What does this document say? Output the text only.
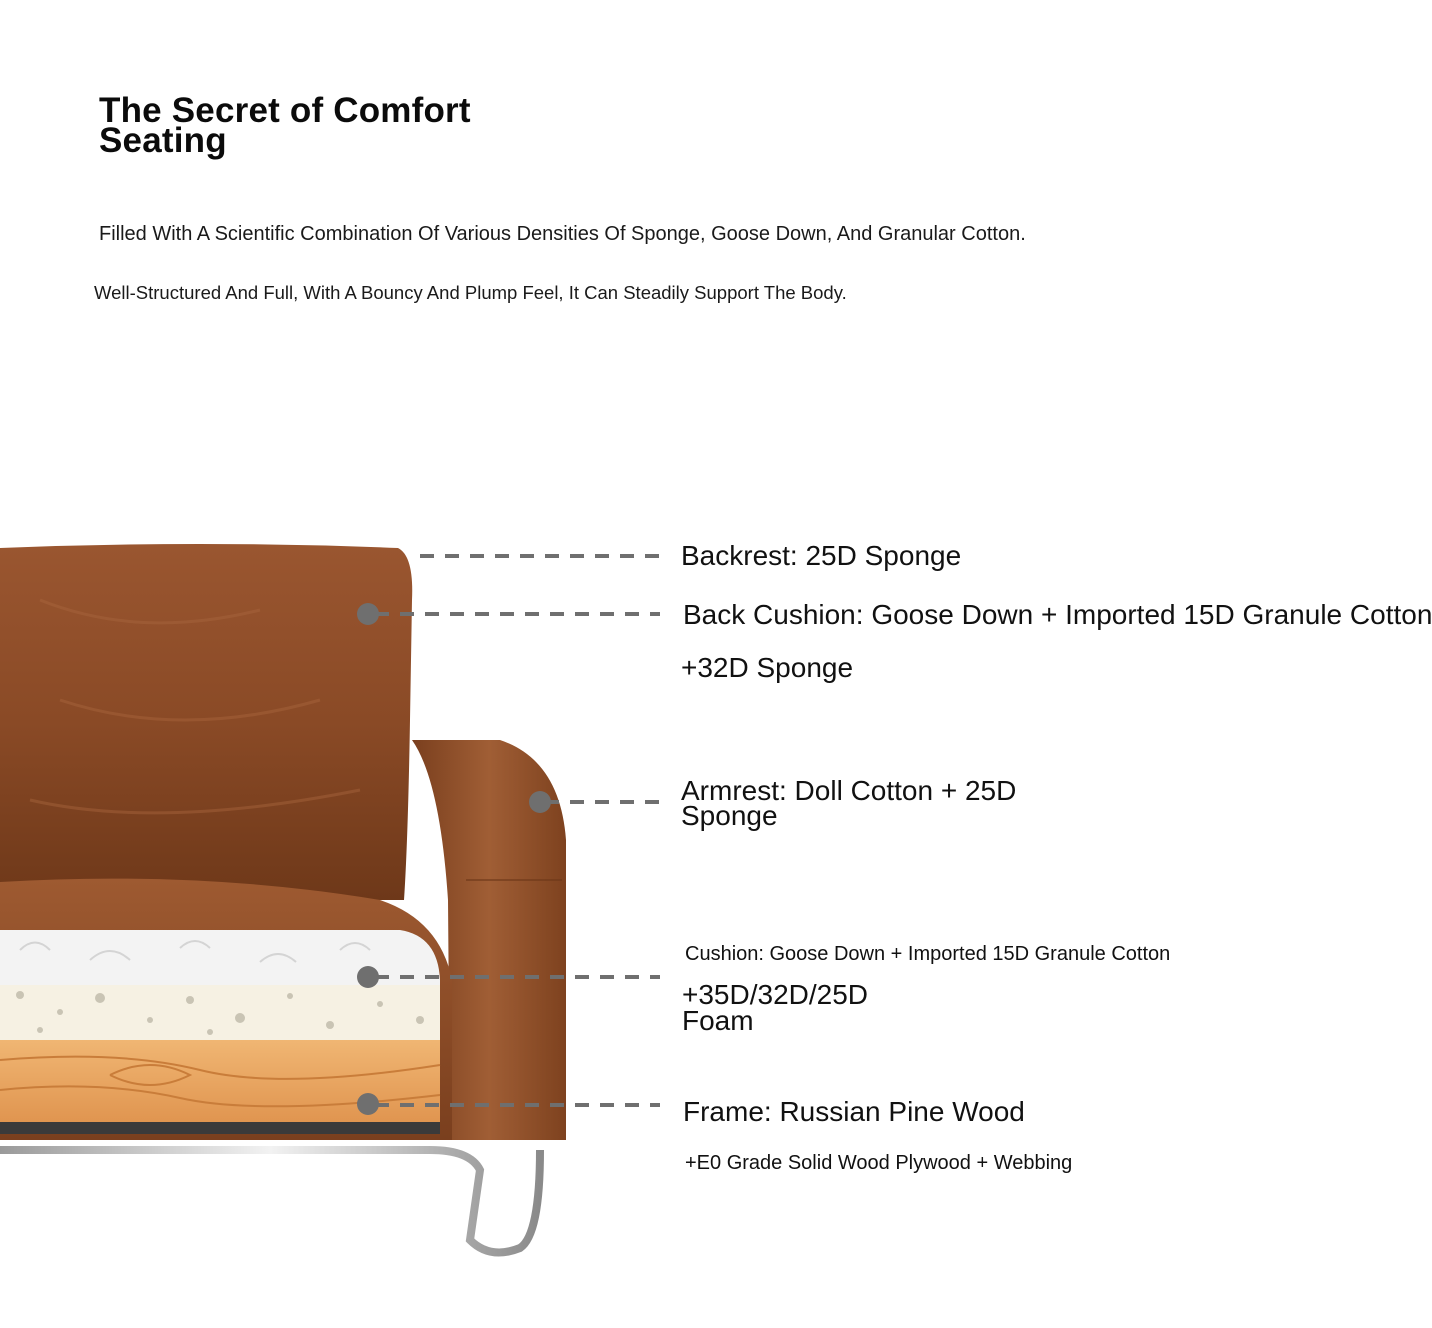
The Secret of Comfort
Seating

Filled With A Scientific Combination Of Various Densities Of Sponge, Goose Down, And Granular Cotton.

Well-Structured And Full, With A Bouncy And Plump Feel, It Can Steadily Support The Body.

Backrest: 25D Sponge

Back Cushion: Goose Down + Imported 15D Granule Cotton

+32D Sponge

Armrest: Doll Cotton + 25D
Sponge

Cushion: Goose Down + Imported 15D Granule Cotton

+35D/32D/25D
Foam

Frame: Russian Pine Wood

+E0 Grade Solid Wood Plywood + Webbing
